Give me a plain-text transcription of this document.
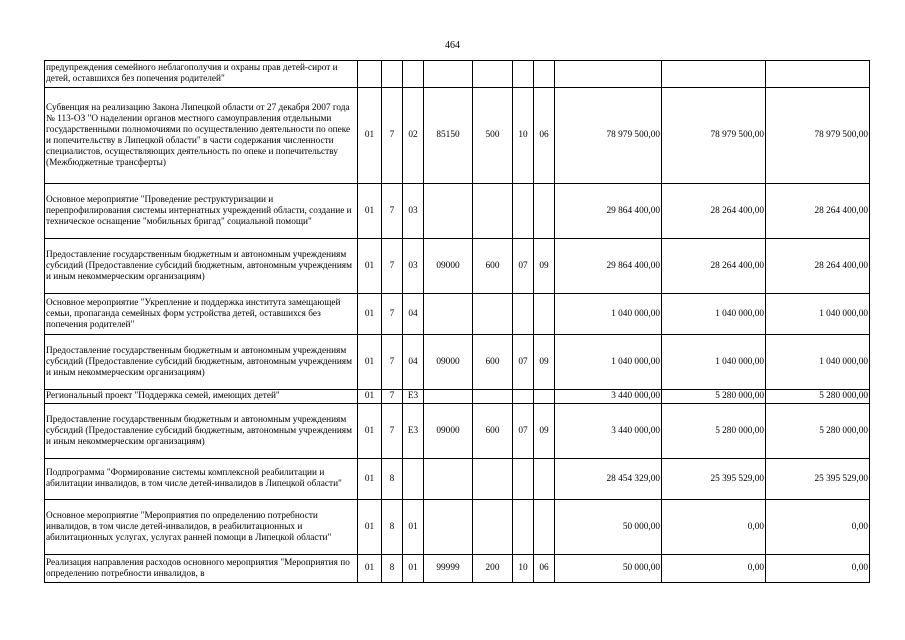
464
предупреждения семейного неблагополучия и охраны прав детей-сирот и детей, оставшихся без попечения родителей"										
Субвенция на реализацию Закона Липецкой области от 27 декабря 2007 года № 113-ОЗ "О наделении органов местного самоуправления отдельными государственными полномочиями по осуществлению деятельности по опеке и попечительству в Липецкой области" в части содержания численности специалистов, осуществляющих деятельность по опеке и попечительству (Межбюджетные трансферты)	01	7	02	85150	500	10	06	78 979 500,00	78 979 500,00	78 979 500,00
Основное мероприятие "Проведение реструктуризации и перепрофилирования системы интернатных учреждений области, создание и техническое оснащение "мобильных бригад" социальной помощи"	01	7	03					29 864 400,00	28 264 400,00	28 264 400,00
Предоставление государственным бюджетным и автономным учреждениям субсидий (Предоставление субсидий бюджетным, автономным учреждениям и иным некоммерческим организациям)	01	7	03	09000	600	07	09	29 864 400,00	28 264 400,00	28 264 400,00
Основное мероприятие "Укрепление и поддержка института замещающей семьи, пропаганда семейных форм устройства детей, оставшихся без попечения родителей"	01	7	04					1 040 000,00	1 040 000,00	1 040 000,00
Предоставление государственным бюджетным и автономным учреждениям субсидий (Предоставление субсидий бюджетным, автономным учреждениям и иным некоммерческим организациям)	01	7	04	09000	600	07	09	1 040 000,00	1 040 000,00	1 040 000,00
Региональный проект "Поддержка семей, имеющих детей"	01	7	E3					3 440 000,00	5 280 000,00	5 280 000,00
Предоставление государственным бюджетным и автономным учреждениям субсидий (Предоставление субсидий бюджетным, автономным учреждениям и иным некоммерческим организациям)	01	7	E3	09000	600	07	09	3 440 000,00	5 280 000,00	5 280 000,00
Подпрограмма "Формирование системы комплексной реабилитации и абилитации инвалидов, в том числе детей-инвалидов в Липецкой области"	01	8						28 454 329,00	25 395 529,00	25 395 529,00
Основное мероприятие "Мероприятия по определению потребности инвалидов, в том числе детей-инвалидов, в реабилитационных и абилитационных услугах, услугах ранней помощи в Липецкой области"	01	8	01					50 000,00	0,00	0,00
Реализация направления расходов основного мероприятия "Мероприятия по определению потребности инвалидов, в	01	8	01	99999	200	10	06	50 000,00	0,00	0,00
